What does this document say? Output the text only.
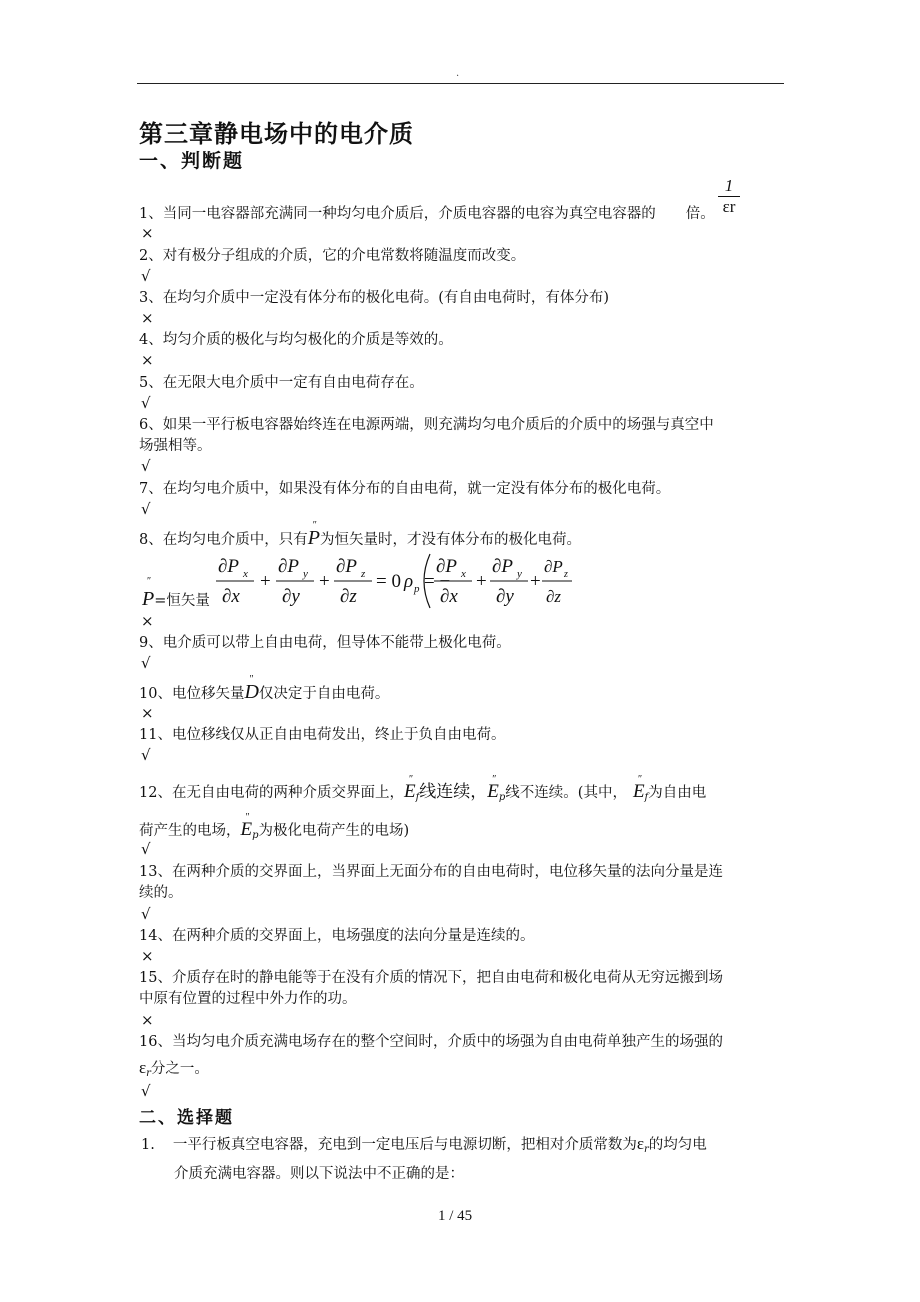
.
第三章静电场中的电介质
一、判断题
$\frac{1}{\varepsilon r}$
1、当同一电容器部充满同一种均匀电介质后，介质电容器的电容为真空电容器的 倍。
×
2、对有极分子组成的介质，它的介电常数将随温度而改变。
√
3、在均匀介质中一定没有体分布的极化电荷。(有自由电荷时，有体分布)
×
4、均匀介质的极化与均匀极化的介质是等效的。
×
5、在无限大电介质中一定有自由电荷存在。
√
6、如果一平行板电容器始终连在电源两端，则充满均匀电介质后的介质中的场强与真空中
场强相等。
√
7、在均匀电介质中，如果没有体分布的自由电荷，就一定没有体分布的极化电荷。
√
8、在均匀电介质中，只有″ P为恒矢量时，才没有体分布的极化电荷。
″ P=恒矢量
∂P x
∂x
+
∂P y
∂y
+
∂P z
∂z
= 0 ρ p = −
∂P x
∂x
+
∂P y
∂y
+
∂P z
∂z
×
9、电介质可以带上自由电荷，但导体不能带上极化电荷。
√
10、电位移矢量″ D仅决定于自由电荷。
×
11、电位移线仅从正自由电荷发出，终止于负自由电荷。
√
12、在无自由电荷的两种介质交界面上，″ $E_f$线连续，″ $E_p$线不连续。(其中，″ $E_f$为自由电
荷产生的电场，″ $E_p$为极化电荷产生的电场)
√
13、在两种介质的交界面上，当界面上无面分布的自由电荷时，电位移矢量的法向分量是连
续的。
√
14、在两种介质的交界面上，电场强度的法向分量是连续的。
×
15、介质存在时的静电能等于在没有介质的情况下，把自由电荷和极化电荷从无穷远搬到场
中原有位置的过程中外力作的功。
×
16、当均匀电介质充满电场存在的整个空间时，介质中的场强为自由电荷单独产生的场强的
$\varepsilon_r$分之一。
√
二、选择题
1. 一平行板真空电容器，充电到一定电压后与电源切断，把相对介质常数为$\varepsilon_r$的均匀电
介质充满电容器。则以下说法中不正确的是：
1 / 45
